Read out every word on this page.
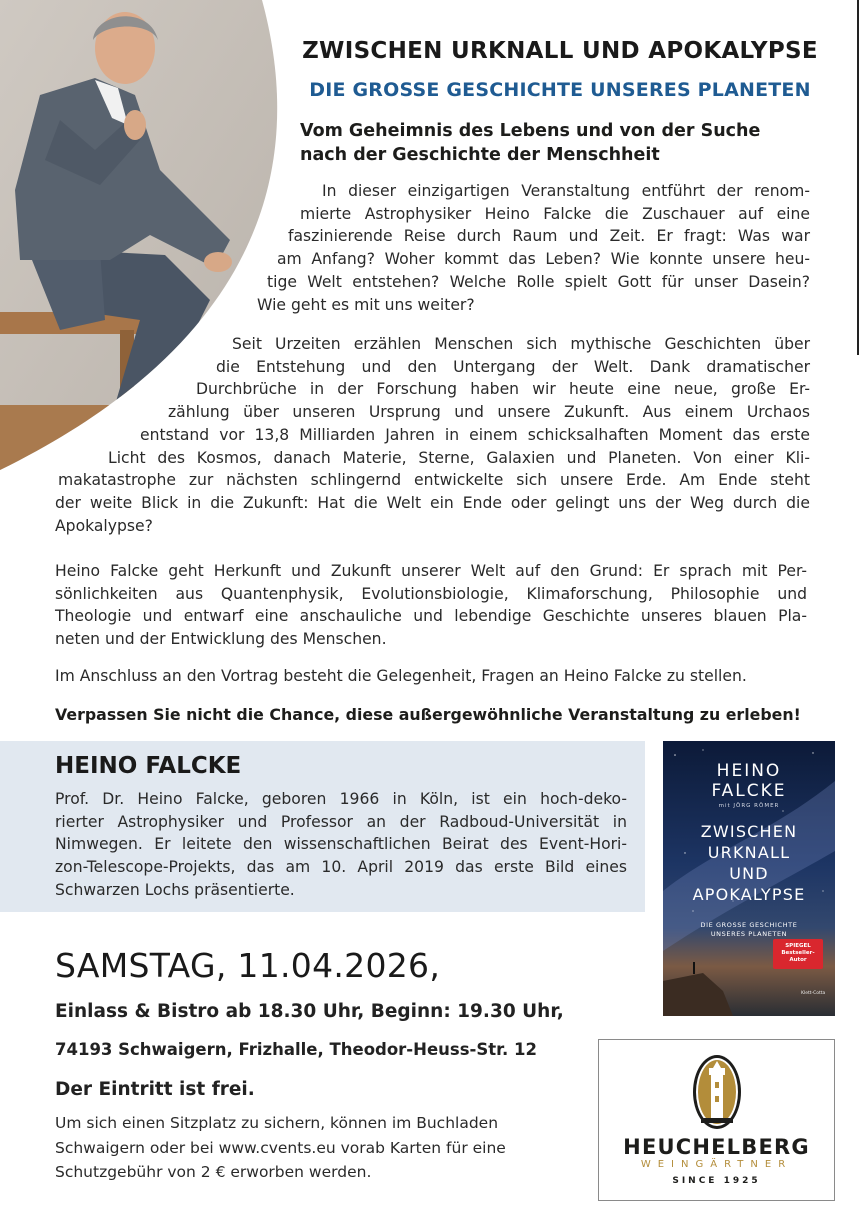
ZWISCHEN URKNALL UND APOKALYPSE
DIE GROSSE GESCHICHTE UNSERES PLANETEN

Vom Geheimnis des Lebens und von der Suche
nach der Geschichte der Menschheit

In dieser einzigartigen Veranstaltung entführt der renom-
mierte Astrophysiker Heino Falcke die Zuschauer auf eine
faszinierende Reise durch Raum und Zeit. Er fragt: Was war
am Anfang? Woher kommt das Leben? Wie konnte unsere heu-
tige Welt entstehen? Welche Rolle spielt Gott für unser Dasein?
Wie geht es mit uns weiter?
Seit Urzeiten erzählen Menschen sich mythische Geschichten über
die Entstehung und den Untergang der Welt. Dank dramatischer
Durchbrüche in der Forschung haben wir heute eine neue, große Er-
zählung über unseren Ursprung und unsere Zukunft. Aus einem Urchaos
entstand vor 13,8 Milliarden Jahren in einem schicksalhaften Moment das erste
Licht des Kosmos, danach Materie, Sterne, Galaxien und Planeten. Von einer Kli-
makatastrophe zur nächsten schlingernd entwickelte sich unsere Erde. Am Ende steht
der weite Blick in die Zukunft: Hat die Welt ein Ende oder gelingt uns der Weg durch die
Apokalypse?
Heino Falcke geht Herkunft und Zukunft unserer Welt auf den Grund: Er sprach mit Per-
sönlichkeiten aus Quantenphysik, Evolutionsbiologie, Klimaforschung, Philosophie und
Theologie und entwarf eine anschauliche und lebendige Geschichte unseres blauen Pla-
neten und der Entwicklung des Menschen.

Im Anschluss an den Vortrag besteht die Gelegenheit, Fragen an Heino Falcke zu stellen.

Verpassen Sie nicht die Chance, diese außergewöhnliche Veranstaltung zu erleben!

HEINO FALCKE
Prof. Dr. Heino Falcke, geboren 1966 in Köln, ist ein hoch-deko-
rierter Astrophysiker und Professor an der Radboud-Universität in
Nimwegen. Er leitete den wissenschaftlichen Beirat des Event-Hori-
zon-Telescope-Projekts, das am 10. April 2019 das erste Bild eines
Schwarzen Lochs präsentierte.
HEINO
FALCKE
mit JÖRG RÖMER
ZWISCHEN
URKNALL
UND
APOKALYPSE
DIE GROSSE GESCHICHTE
UNSERES PLANETEN
SPIEGEL
Bestseller-
Autor
Klett-Cotta

SAMSTAG, 11.04.2026,

Einlass & Bistro ab 18.30 Uhr, Beginn: 19.30 Uhr,

74193 Schwaigern, Frizhalle, Theodor-Heuss-Str. 12

Der Eintritt ist frei.

Um sich einen Sitzplatz zu sichern, können im Buchladen
Schwaigern oder bei www.cvents.eu vorab Karten für eine
Schutzgebühr von 2 € erworben werden.

HEUCHELBERG

WEINGÄRTNER

SINCE 1925
